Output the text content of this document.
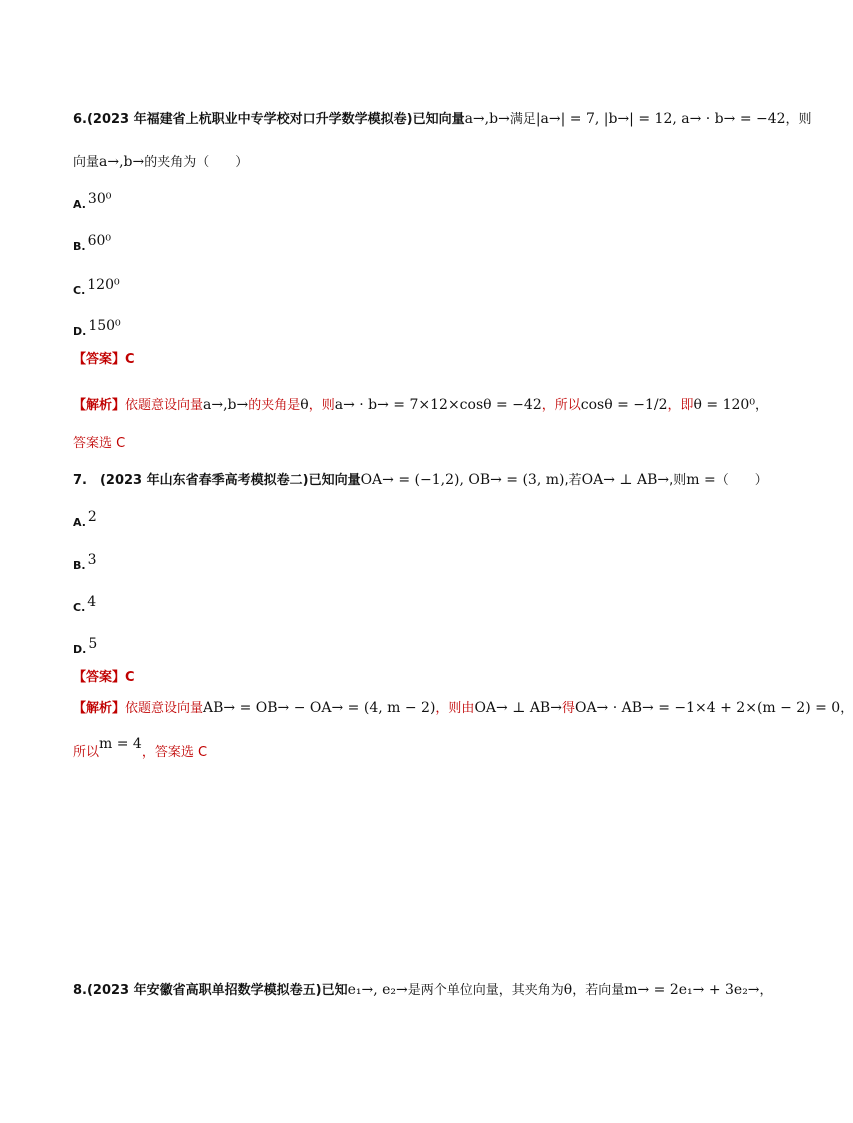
6.(2023 年福建省上杭职业中专学校对口升学数学模拟卷)已知向量a→,b→满足|a→| = 7, |b→| = 12, a→ · b→ = −42，则
向量a→,b→的夹角为（　　）
A. 30⁰
B. 60⁰
C. 120⁰
D. 150⁰
【答案】C
【解析】依题意设向量a→,b→的夹角是θ，则a→ · b→ = 7×12×cosθ = −42，所以cosθ = −1/2，即θ = 120⁰，
答案选 C
7.　(2023 年山东省春季高考模拟卷二)已知向量OA→ = (−1,2), OB→ = (3, m),若OA→ ⊥ AB→,则m =（　　）
A. 2
B. 3
C. 4
D. 5
【答案】C
【解析】依题意设向量AB→ = OB→ − OA→ = (4, m − 2)，则由OA→ ⊥ AB→得OA→ · AB→ = −1×4 + 2×(m − 2) = 0，
所以m = 4，答案选 C
8.(2023 年安徽省高职单招数学模拟卷五)已知e₁→, e₂→是两个单位向量，其夹角为θ，若向量m→ = 2e₁→ + 3e₂→，
